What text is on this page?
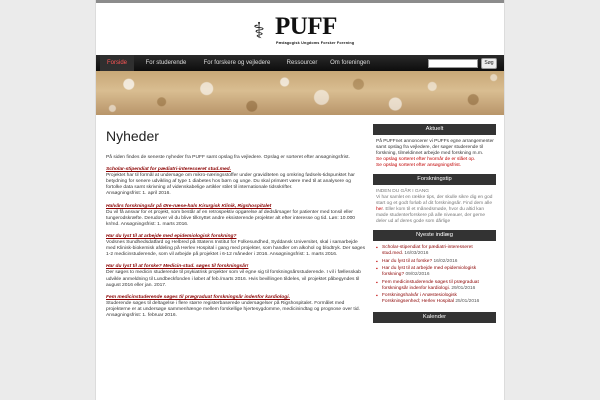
⚕ PUFF
Pædagogisk Ungdoms Forsker Forening
Forside	For studerende	For forskere og vejledere	Ressourcer	Om foreningen	Søg
Nyheder

På siden findes de seneste nyheder fra PUFF samt opslag fra vejledere. Opslag er sorteret efter ansøgningsfrist.

Scholar-stipendiat for pædiatri-interesseret stud.med.
Projektet har til formål at undersøge om mikro-næringsstoffer under graviditeten og omkring fødsels-tidspunktet har betydning for senere udvikling af type 1 diabetes hos børn og unge. Du skal primært være med til at analysere og fortolke data samt skrivning af videnskabelige artikler stilet til internationale tidsskrifter.
Ansøgningsfrist: 1. april 2016.
Halvårs forskningsår på Øre-næse-hals Kirurgisk Klinik, Rigshospitalet
Du vil få ansvar for et projekt, som består af en retrospektiv opgørelse af dedsårsager for patienter med tonsil eller tungerodskræfte. Derudover vil du blive tilknyttet andre eksisterende projekter alt efter interesse og tid. Løn: 10.000 kr/md. Ansøgningsfrist: 1. marts 2016.
Har du lyst til at arbejde med epidemiologisk forskning?
Vodsnes Sundhedsdatfard og Helbred på Statens Institut for Folkesundhed, Syddansk Universitet, skal i samarbejde med Klinisk-biokemisk afdeling på Herlev Hospital i gang med projekter, som handler om alkohol og blodtryk. Der søges 1-2 medicinstuderende, som vil arbejde på projektet i 6-12 måneder i 2016. Ansøgningsfrist: 1. marts 2016.
Har du lyst til at forske? Medicin-stud. søges til forskningsår!
Der søges to medicin studerende til psykiatrisk projekter som vil egne sig til forskningsårsstuderende. I vil i fællesskab udvikle anmeldning til Lundbeckfonden i løbet af feb./marts 2016. Hvis bevillingen tildeles, vil projektet påbegyndes til august 2016 eller jan. 2017.
Fem medicinstuderende søges til prægraduat forskningsår indenfor kardiologi.
Studerende søges til deltagelse i flere større registerbaserede undersøgelser på Rigshospitalet. Formålet med projekterne er at undersøge sammenhænge mellem forskellige hjertesygdomme, medicinindtag og prognose over tid. Ansøgningsfrist: 1. februar 2016.
Aktuelt
På PUFFnet annoncerer vi PUFFs egne arrangementer samt opslag fra vejledere, der søger studerende til forskning, tilmeldinnet arbejde med forskning m.m.
Se opslag sorteret efter hvornår de er slået op.
Se opslag sorteret efter ansøgningsfrist.
Forskningstip
INDEN DU GÅR I GANG
Vi har samlet en række tips, der skulle sikre dig en god start og et godt forløb af dit forskningsår. Find dem alle her. Eller kom til et månedsmøde, hvor du altid kan møde studenterforskere på alle niveauer, der gerne deler ud af deres gode som dårlige
Nyeste indlæg
▪ Scholar-stipendiat for pædiatri-interesseret stud.med. 16/03/2016
▪ Har du lyst til at forske? 16/02/2016
▪ Har du lyst til at arbejde med epidemiologisk forskning? 09/02/2016
▪ Fem medicinstuderende søges til prægraduat forskningsår indenfor kardiologi. 29/01/2016
▪ Forskningshalvår i Anæstesiologisk Forskningsenhed; Herlev Hospital 25/01/2016
Kalender
